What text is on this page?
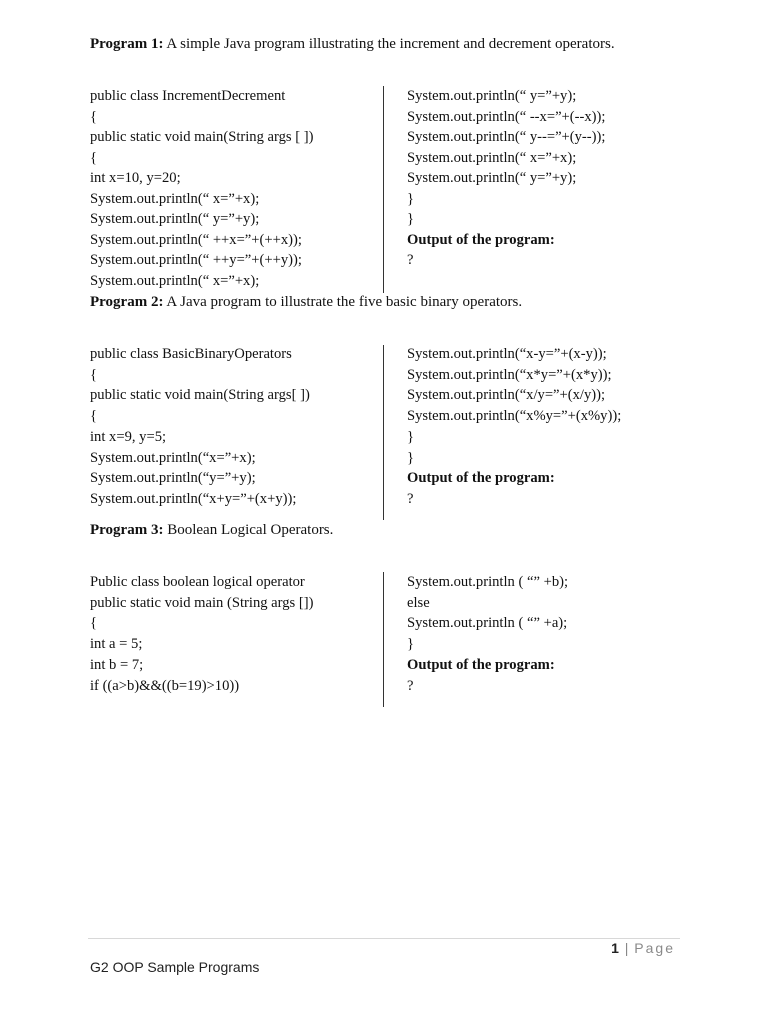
Program 1: A simple Java program illustrating the increment and decrement operators.
public class IncrementDecrement
{
public static void main(String args [ ])
{
int x=10, y=20;
System.out.println(“ x=”+x);
System.out.println(“ y=”+y);
System.out.println(“ ++x=”+(++x));
System.out.println(“ ++y=”+(++y));
System.out.println(“ x=”+x);
System.out.println(“ y=”+y);
System.out.println(“ --x=”+(--x));
System.out.println(“ y--=”+(y--));
System.out.println(“ x=”+x);
System.out.println(“ y=”+y);
}
}
Output of the program:
?
Program 2: A Java program to illustrate the five basic binary operators.
public class BasicBinaryOperators
{
public static void main(String args[ ])
{
int x=9, y=5;
System.out.println(“x=”+x);
System.out.println(“y=”+y);
System.out.println(“x+y=”+(x+y));
System.out.println(“x-y=”+(x-y));
System.out.println(“x*y=”+(x*y));
System.out.println(“x/y=”+(x/y));
System.out.println(“x%y=”+(x%y));
}
}
Output of the program:
?
Program 3: Boolean Logical Operators.
Public class boolean logical operator
public static void main (String args [])
{
int a = 5;
int b = 7;
if ((a>b)&&((b=19)>10))
System.out.println ( “” +b);
else
System.out.println ( “” +a);
}
Output of the program:
?
1 | Page
G2 OOP Sample Programs
